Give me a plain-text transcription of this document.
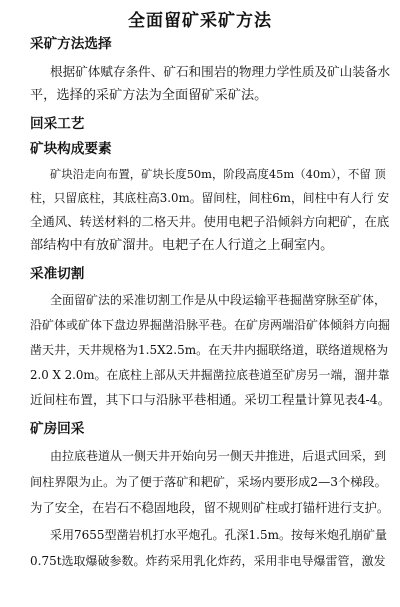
全面留矿采矿方法
采矿方法选择
根据矿体赋存条件、矿石和围岩的物理力学性质及矿山装备水
平，选择的采矿方法为全面留矿采矿法。
回采工艺
矿块构成要素
矿块沿走向布置，矿块长度50m，阶段高度45m（40m），不留 顶
柱，只留底柱，其底柱高3.0m。留间柱，间柱6m，间柱中有人行 安
全通风、转送材料的二格天井。使用电耙子沿倾斜方向耙矿，在底
部结构中有放矿溜井。电耙子在人行道之上硐室内。
采准切割
全面留矿法的采准切割工作是从中段运输平巷掘凿穿脉至矿体，
沿矿体或矿体下盘边界掘凿沿脉平巷。在矿房两端沿矿体倾斜方向掘
凿天井，天井规格为1.5X2.5m。在天井内掘联络道，联络道规格为
2.0 X 2.0m。在底柱上部从天井掘凿拉底巷道至矿房另一端，溜井靠
近间柱布置，其下口与沿脉平巷相通。采切工程量计算见表4-4。
矿房回采
由拉底巷道从一侧天井开始向另一侧天井推进，后退式回采，到
间柱界限为止。为了便于落矿和耙矿，采场内要形成2—3个梯段。
为了安全，在岩石不稳固地段，留不规则矿柱或打锚杆进行支护。
采用7655型凿岩机打水平炮孔。孔深1.5m。按每米炮孔崩矿量
0.75t选取爆破参数。炸药采用乳化炸药，采用非电导爆雷管，激发
